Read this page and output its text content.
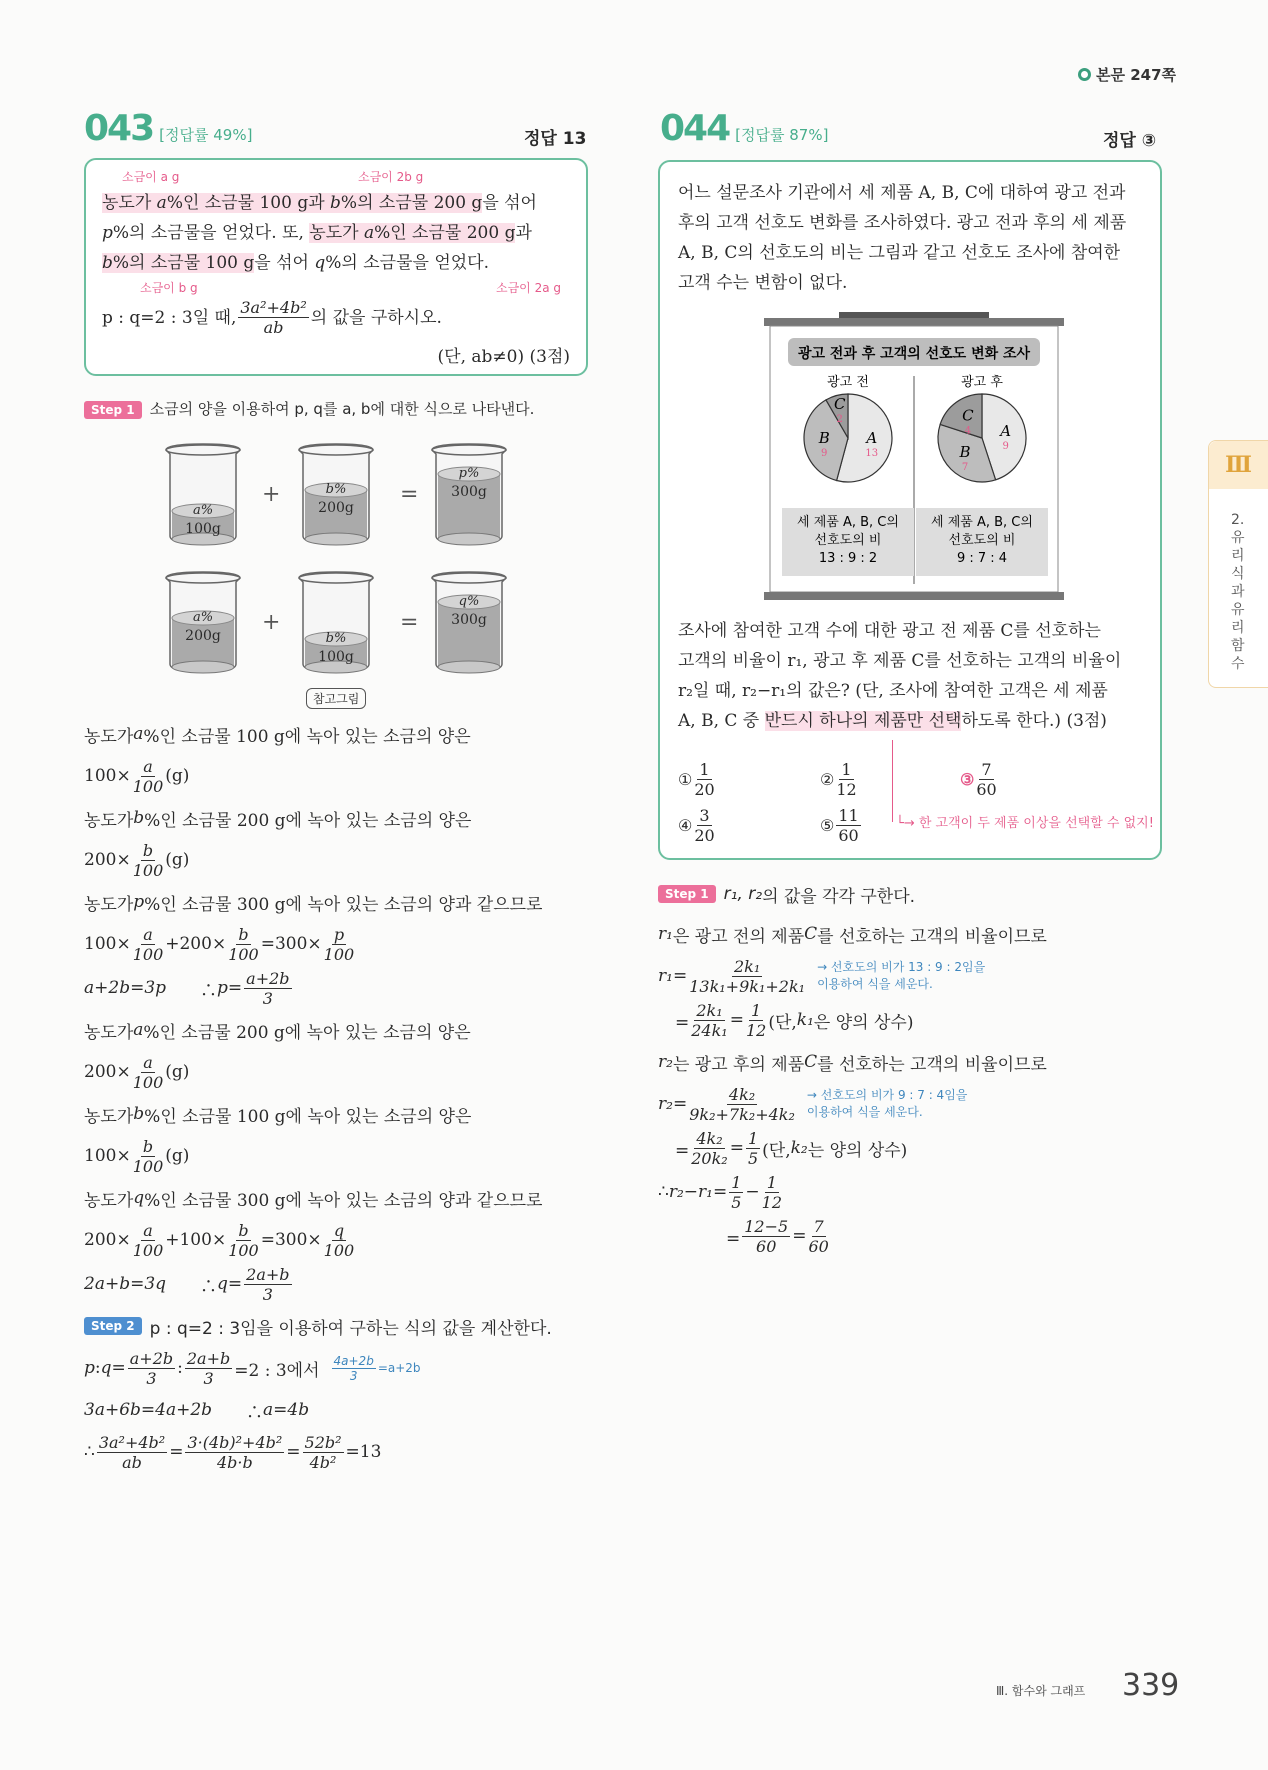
본문 247쪽
043 [정답률 49%]	정답 13
소금이 a g	소금이 2b g
소금이 2a g
소금이 b g
농도가 a%인 소금물 100 g과 b%의 소금물 200 g을 섞어
p%의 소금물을 얻었다. 또, 농도가 a%인 소금물 200 g과
b%의 소금물 100 g을 섞어 q%의 소금물을 얻었다.
p : q=2 : 3일 때, $\frac{\text{3a²+4b²}}{ab}$ 의 값을 구하시오.
(단, ab≠0) (3점)
Step 1 소금의 양을 이용하여 p, q를 a, b에 대한 식으로 나타낸다.
a%
100g
b%
200g
p%
300g
a%
200g	b%
100g
q%
300g
+	=
+	=
참고그림
농도가 a %인 소금물 100 g에 녹아 있는 소금의 양은
$100\times \frac{a}{100} (g)$
농도가 b %인 소금물 200 g에 녹아 있는 소금의 양은
$200\times \frac{b}{100} (g)$
농도가 p %인 소금물 300 g에 녹아 있는 소금의 양과 같으므로
$100\times \frac{a}{100} +200\times \frac{b}{100} =300\times \frac{p}{100}$
a+2b=3p 　　∴ $p= \frac{a+2b}{3}$
농도가 a %인 소금물 200 g에 녹아 있는 소금의 양은
$200\times \frac{a}{100} (g)$
농도가 b %인 소금물 100 g에 녹아 있는 소금의 양은
$100\times \frac{b}{100} (g)$
농도가 q %인 소금물 300 g에 녹아 있는 소금의 양과 같으므로
$200\times \frac{a}{100} +100\times \frac{b}{100} =300\times \frac{q}{100}$
2a+b=3q 　　∴ $q= \frac{2a+b}{3}$
Step 2 p : q=2 : 3임을 이용하여 구하는 식의 값을 계산한다.
p : $q = \frac{a+2b}{3}$ : $\frac{2a+b}{3} =2$ : 3에서 $\frac{4a+2b}{3} =a+2b$
3a+6b=4a+2b 　　∴ a=4b
∴ $\frac{\text{3a²+4b²}}{ab} = \frac{\text{3·(4b)²+4b²}}{4b\cdot b} = \frac{\text{52b²}}{\text{4b²}} =13$
044 [정답률 87%]	정답 ③
어느 설문조사 기관에서 세 제품 A, B, C에 대하여 광고 전과
후의 고객 선호도 변화를 조사하였다. 광고 전과 후의 세 제품
A, B, C의 선호도의 비는 그림과 같고 선호도 조사에 참여한
고객 수는 변함이 없다.
광고 전과 후 고객의 선호도 변화 조사
광고 전
A
13
B
9
C
2
세 제품 A, B, C의
선호도의 비
13 : 9 : 2
광고 후
A
9
B
7
C
4
세 제품 A, B, C의
선호도의 비
9 : 7 : 4
조사에 참여한 고객 수에 대한 광고 전 제품 C를 선호하는
고객의 비율이 r₁, 광고 후 제품 C를 선호하는 고객의 비율이
r₂일 때, r₂−r₁의 값은? (단, 조사에 참여한 고객은 세 제품
A, B, C 중 반드시 하나의 제품만 선택하도록 한다.) (3점)
└→ 한 고객이 두 제품 이상을 선택할 수 없지!
① $\frac{1}{20}$	② $\frac{1}{12}$	③ $\frac{7}{60}$
④ $\frac{3}{20}$	⑤ $\frac{11}{60}$
Step 1 r₁, r₂ 의 값을 각각 구한다.
r₁ 은 광고 전의 제품 C 를 선호하는 고객의 비율이므로
$r_1 = \frac{\text{2k₁}}{\text{13k₁+9k₁+2k₁}}$ → 선호도의 비가 13 : 9 : 2임을
이용하여 식을 세운다.
　= $\frac{\text{2k₁}}{\text{24k₁}} = \frac{1}{12}$ (단, k₁ 은 양의 상수)
r₂ 는 광고 후의 제품 C 를 선호하는 고객의 비율이므로
$r_2 = \frac{\text{4k₂}}{\text{9k₂+7k₂+4k₂}}$ → 선호도의 비가 9 : 7 : 4임을
이용하여 식을 세운다.
　= $\frac{\text{4k₂}}{\text{20k₂}} = \frac{1}{5}$ (단, k₂ 는 양의 상수)
∴ $r_2-r_1 = \frac{1}{5} - \frac{1}{12}$
　　　　= $\frac{12-5}{60} = \frac{7}{60}$
Ⅲ
2.유리식과 유리함수
Ⅲ. 함수와 그래프 339
